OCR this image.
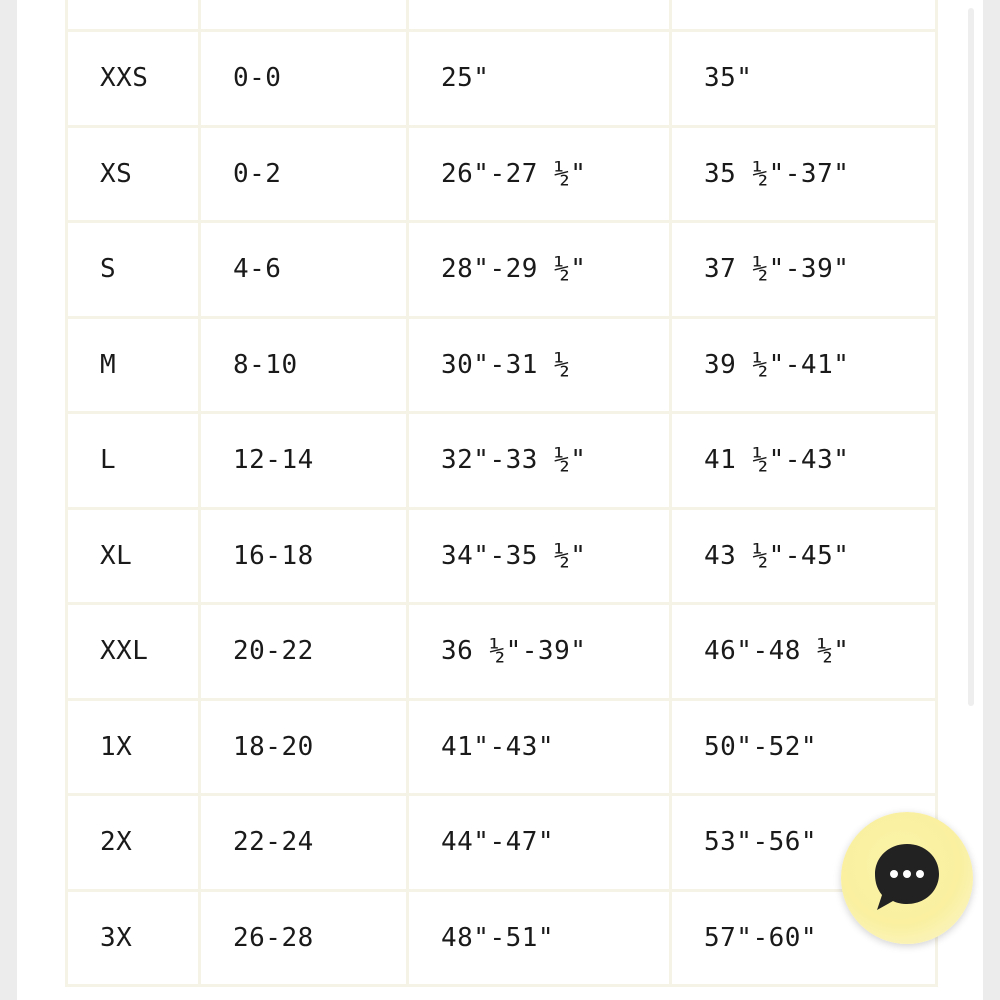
XXS	0-0	25"	35"
XS	0-2	26"-27 ½"	35 ½"-37"
S	4-6	28"-29 ½"	37 ½"-39"
M	8-10	30"-31 ½	39 ½"-41"
L	12-14	32"-33 ½"	41 ½"-43"
XL	16-18	34"-35 ½"	43 ½"-45"
XXL	20-22	36 ½"-39"	46"-48 ½"
1X	18-20	41"-43"	50"-52"
2X	22-24	44"-47"	53"-56"
3X	26-28	48"-51"	57"-60"
